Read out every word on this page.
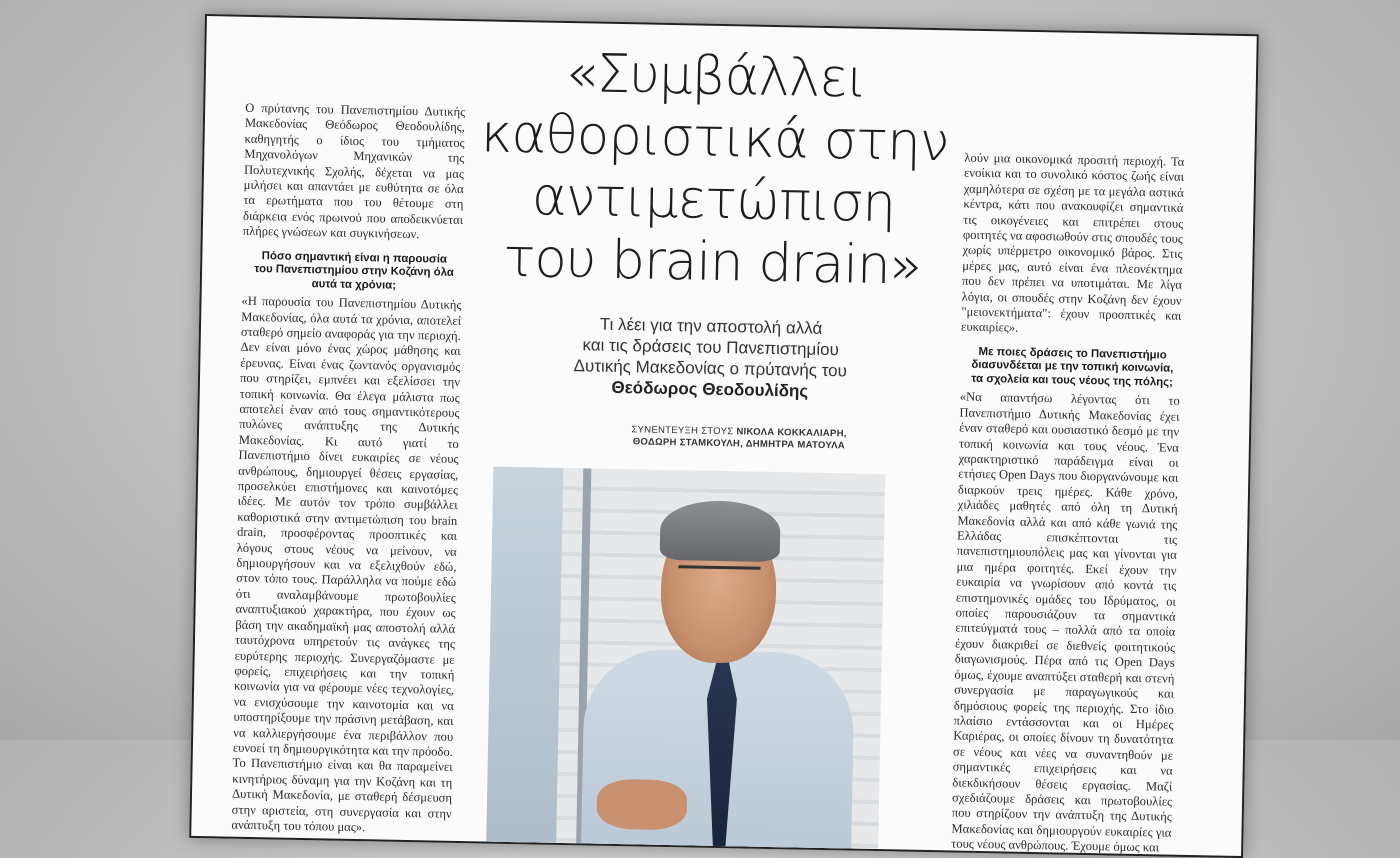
Ο πρύτανης του Πανεπιστημίου Δυτικής Μακεδονίας Θεόδωρος Θεοδουλίδης, καθηγητής ο ίδιος του τμήματος Μηχανολόγων Μηχανικών της Πολυτεχνικής Σχολής, δέχεται να μας μιλήσει και απαντάει με ευθύτητα σε όλα τα ερωτήματα που του θέτουμε στη διάρκεια ενός πρωινού που αποδεικνύεται πλήρες γνώσεων και συγκινήσεων.

Πόσο σημαντική είναι η παρουσία του Πανεπιστημίου στην Κοζάνη όλα αυτά τα χρόνια;

«Η παρουσία του Πανεπιστημίου Δυτικής Μακεδονίας, όλα αυτά τα χρόνια, αποτελεί σταθερό σημείο αναφοράς για την περιοχή. Δεν είναι μόνο ένας χώρος μάθησης και έρευνας. Είναι ένας ζωντανός οργανισμός που στηρίζει, εμπνέει και εξελίσσει την τοπική κοινωνία. Θα έλεγα μάλιστα πως αποτελεί έναν από τους σημαντικότερους πυλώνες ανάπτυξης της Δυτικής Μακεδονίας. Κι αυτό γιατί το Πανεπιστήμιο δίνει ευκαιρίες σε νέους ανθρώπους, δημιουργεί θέσεις εργασίας, προσελκύει επιστήμονες και καινοτόμες ιδέες. Με αυτόν τον τρόπο συμβάλλει καθοριστικά στην αντιμετώπιση του brain drain, προσφέροντας προοπτικές και λόγους στους νέους να μείνουν, να δημιουργήσουν και να εξελιχθούν εδώ, στον τόπο τους. Παράλληλα να πούμε εδώ ότι αναλαμβάνουμε πρωτοβουλίες αναπτυξιακού χαρακτήρα, που έχουν ως βάση την ακαδημαϊκή μας αποστολή αλλά ταυτόχρονα υπηρετούν τις ανάγκες της ευρύτερης περιοχής. Συνεργαζόμαστε με φορείς, επιχειρήσεις και την τοπική κοινωνία για να φέρουμε νέες τεχνολογίες, να ενισχύσουμε την καινοτομία και να υποστηρίξουμε την πράσινη μετάβαση, και να καλλιεργήσουμε ένα περιβάλλον που ευνοεί τη δημιουργικότητα και την πρόοδο. Το Πανεπιστήμιο είναι και θα παραμείνει κινητήριος δύναμη για την Κοζάνη και τη Δυτική Μακεδονία, με σταθερή δέσμευση στην αριστεία, στη συνεργασία και στην ανάπτυξη του τόπου μας».

«Συμβάλλει
καθοριστικά στην
αντιμετώπιση
του brain drain»
Τι λέει για την αποστολή αλλά
και τις δράσεις του Πανεπιστημίου
Δυτικής Μακεδονίας ο πρύτανής του
Θεόδωρος Θεοδουλίδης
ΣΥΝΕΝΤΕΥΞΗ ΣΤΟΥΣ ΝΙΚΟΛΑ ΚΟΚΚΑΛΙΑΡΗ,
ΘΟΔΩΡΗ ΣΤΑΜΚΟΥΛΗ, ΔΗΜΗΤΡΑ ΜΑΤΟΥΛΑ

λούν μια οικονομικά προσιτή περιοχή. Τα ενοίκια και το συνολικό κόστος ζωής είναι χαμηλότερα σε σχέση με τα μεγάλα αστικά κέντρα, κάτι που ανακουφίζει σημαντικά τις οικογένειες και επιτρέπει στους φοιτητές να αφοσιωθούν στις σπουδές τους χωρίς υπέρμετρο οικονομικό βάρος. Στις μέρες μας, αυτό είναι ένα πλεονέκτημα που δεν πρέπει να υποτιμάται. Με λίγα λόγια, οι σπουδές στην Κοζάνη δεν έχουν "μειονεκτήματα": έχουν προοπτικές και ευκαιρίες».

Με ποιες δράσεις το Πανεπιστήμιο διασυνδέεται με την τοπική κοινωνία, τα σχολεία και τους νέους της πόλης;

«Να απαντήσω λέγοντας ότι το Πανεπιστήμιο Δυτικής Μακεδονίας έχει έναν σταθερό και ουσιαστικό δεσμό με την τοπική κοινωνία και τους νέους. Ένα χαρακτηριστικό παράδειγμα είναι οι ετήσιες Open Days που διοργανώνουμε και διαρκούν τρεις ημέρες. Κάθε χρόνο, χιλιάδες μαθητές από όλη τη Δυτική Μακεδονία αλλά και από κάθε γωνιά της Ελλάδας επισκέπτονται τις πανεπιστημιουπόλεις μας και γίνονται για μια ημέρα φοιτητές. Εκεί έχουν την ευκαιρία να γνωρίσουν από κοντά τις επιστημονικές ομάδες του Ιδρύματος, οι οποίες παρουσιάζουν τα σημαντικά επιτεύγματά τους – πολλά από τα οποία έχουν διακριθεί σε διεθνείς φοιτητικούς διαγωνισμούς. Πέρα από τις Open Days όμως, έχουμε αναπτύξει σταθερή και στενή συνεργασία με παραγωγικούς και δημόσιους φορείς της περιοχής. Στο ίδιο πλαίσιο εντάσσονται και οι Ημέρες Καριέρας, οι οποίες δίνουν τη δυνατότητα σε νέους και νέες να συναντηθούν με σημαντικές επιχειρήσεις και να διεκδικήσουν θέσεις εργασίας. Μαζί σχεδιάζουμε δράσεις και πρωτοβουλίες που στηρίζουν την ανάπτυξη της Δυτικής Μακεδονίας και δημιουργούν ευκαιρίες για τους νέους ανθρώπους. Έχουμε όμως και
